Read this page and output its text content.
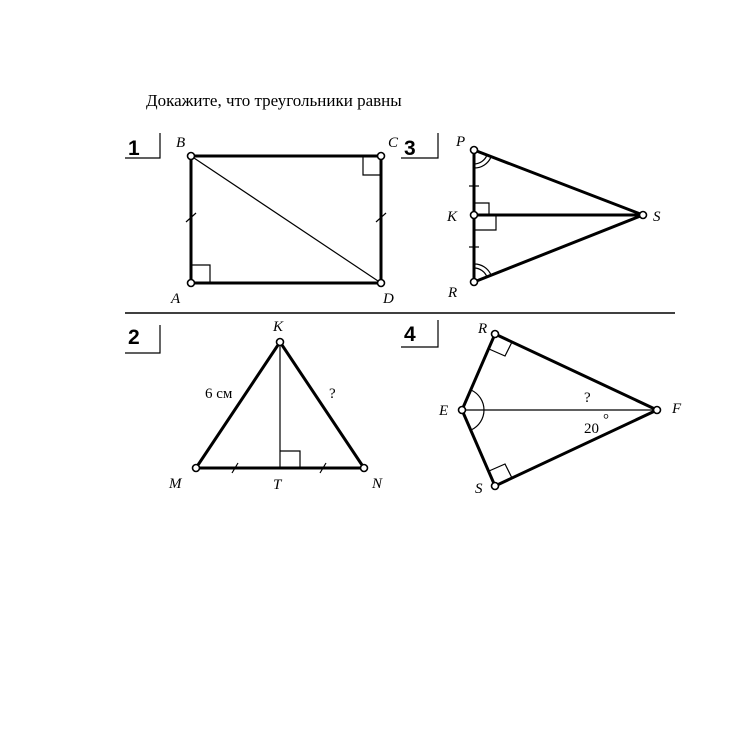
Докажите, что треугольники равны
1 B	C
A	D
3	P
K
R
S
2	K
M	T	N
6 см	?
4	R
E
S
F
?
20
°
